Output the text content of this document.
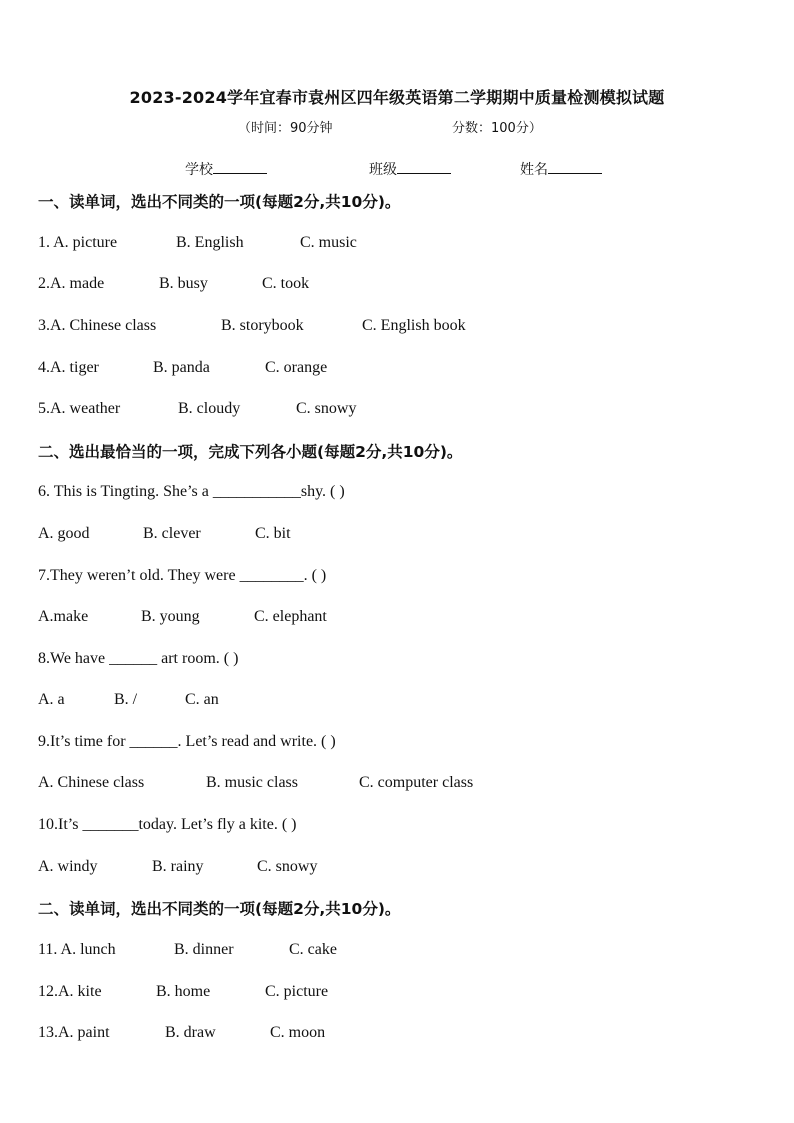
2023-2024学年宜春市袁州区四年级英语第二学期期中质量检测模拟试题
（时间：90分钟	分数：100分）
学校	班级	姓名
一、读单词，选出不同类的一项(每题2分,共10分)。
1. A. picture	B. English	C. music
2.A. made	B. busy	C. took
3.A. Chinese class	B. storybook	C. English book
4.A. tiger	B. panda	C. orange
5.A. weather	B. cloudy	C. snowy
二、选出最恰当的一项，完成下列各小题(每题2分,共10分)。
6. This is Tingting. She’s a ___________shy. ( )
A. good	B. clever	C. bit
7.They weren’t old. They were ________. ( )
A.make	B. young	C. elephant
8.We have ______ art room. ( )
A. a	B. /	C. an
9.It’s time for ______. Let’s read and write. ( )
A. Chinese class	B. music class	C. computer class
10.It’s _______today. Let’s fly a kite. ( )
A. windy	B. rainy	C. snowy
二、读单词，选出不同类的一项(每题2分,共10分)。
11. A. lunch	B. dinner	C. cake
12.A. kite	B. home	C. picture
13.A. paint	B. draw	C. moon
